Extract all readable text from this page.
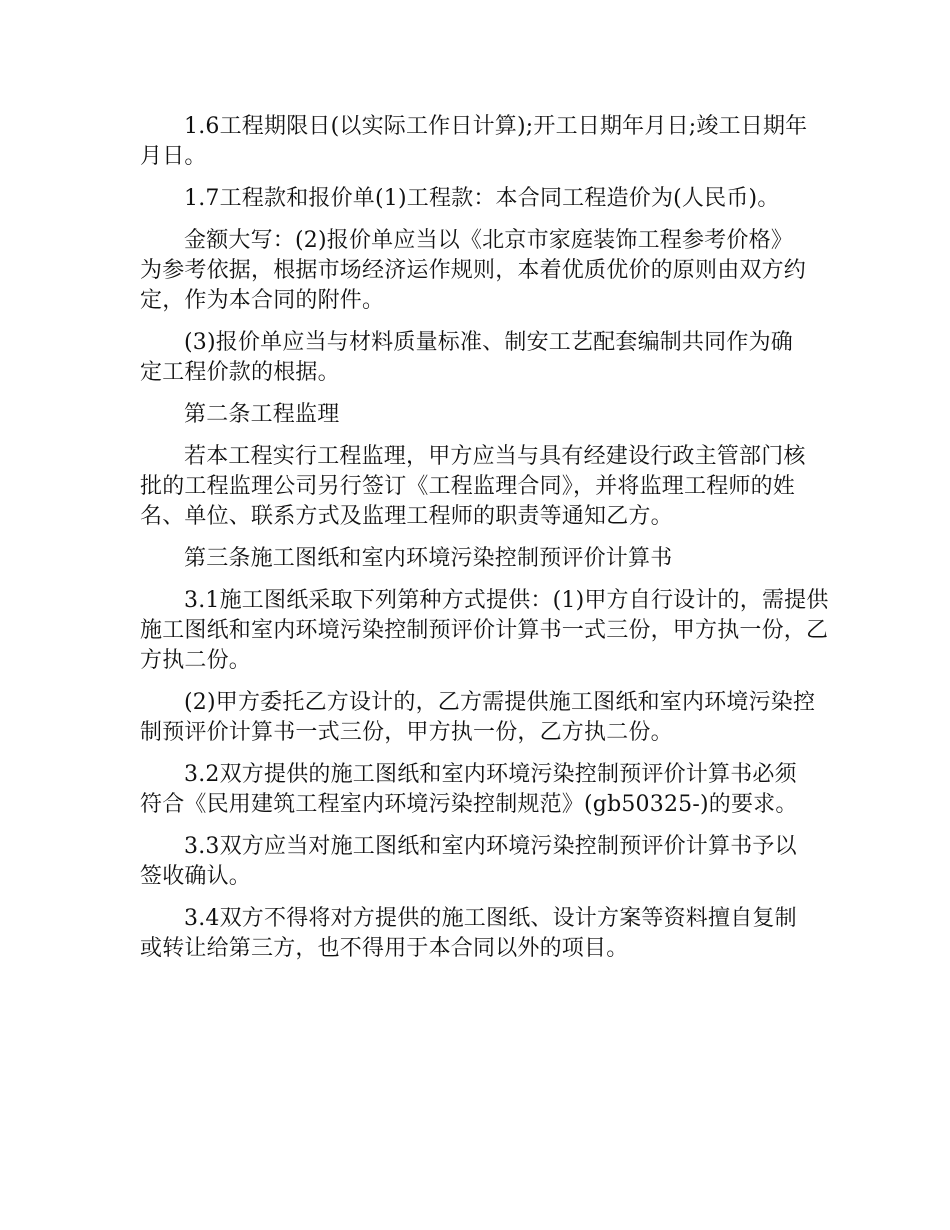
1.6工程期限日(以实际工作日计算);开工日期年月日;竣工日期年月日。

1.7工程款和报价单(1)工程款：本合同工程造价为(人民币)。

金额大写：(2)报价单应当以《北京市家庭装饰工程参考价格》为参考依据，根据市场经济运作规则，本着优质优价的原则由双方约定，作为本合同的附件。

(3)报价单应当与材料质量标准、制安工艺配套编制共同作为确定工程价款的根据。

第二条工程监理

若本工程实行工程监理，甲方应当与具有经建设行政主管部门核批的工程监理公司另行签订《工程监理合同》，并将监理工程师的姓名、单位、联系方式及监理工程师的职责等通知乙方。

第三条施工图纸和室内环境污染控制预评价计算书

3.1施工图纸采取下列第种方式提供：(1)甲方自行设计的，需提供施工图纸和室内环境污染控制预评价计算书一式三份，甲方执一份，乙方执二份。

(2)甲方委托乙方设计的，乙方需提供施工图纸和室内环境污染控制预评价计算书一式三份，甲方执一份，乙方执二份。

3.2双方提供的施工图纸和室内环境污染控制预评价计算书必须符合《民用建筑工程室内环境污染控制规范》(gb50325-)的要求。

3.3双方应当对施工图纸和室内环境污染控制预评价计算书予以签收确认。

3.4双方不得将对方提供的施工图纸、设计方案等资料擅自复制或转让给第三方，也不得用于本合同以外的项目。
